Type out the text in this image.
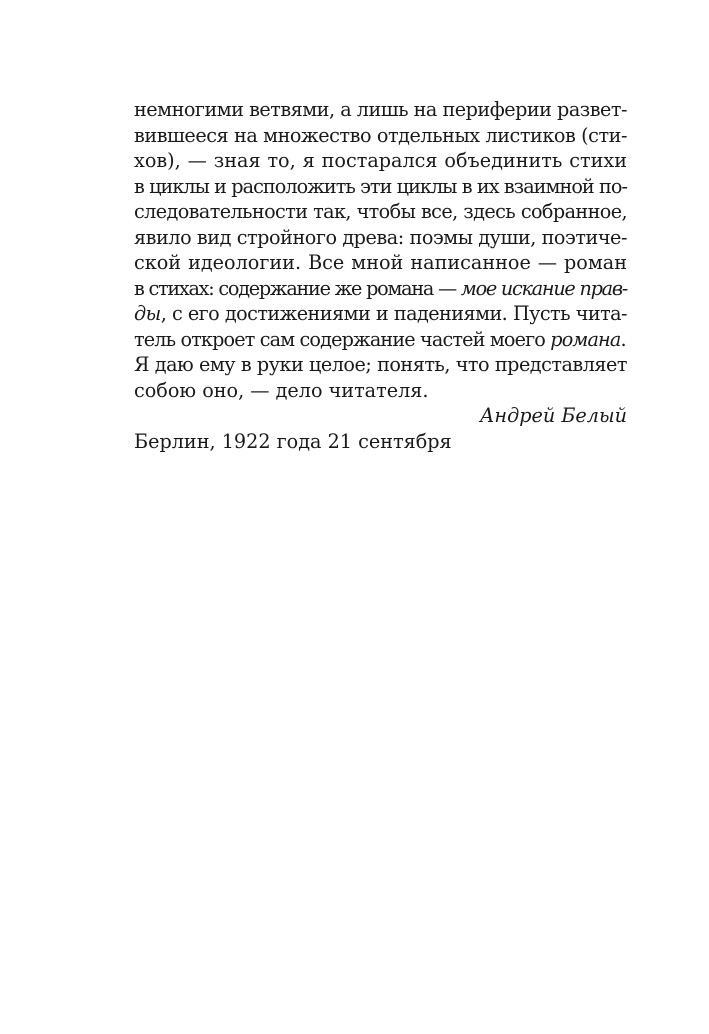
немногими ветвями, а лишь на периферии развет-
вившееся на множество отдельных листиков (сти-
хов), — зная то, я постарался объединить стихи
в циклы и расположить эти циклы в их взаимной по-
следовательности так, чтобы все, здесь собранное,
явило вид стройного древа: поэмы души, поэтиче-
ской идеологии. Все мной написанное — роман
в стихах: содержание же романа — мое искание прав-
ды, с его достижениями и падениями. Пусть чита-
тель откроет сам содержание частей моего романа.
Я даю ему в руки целое; понять, что представляет
собою оно, — дело читателя.
Андрей Белый
Берлин, 1922 года 21 сентября
